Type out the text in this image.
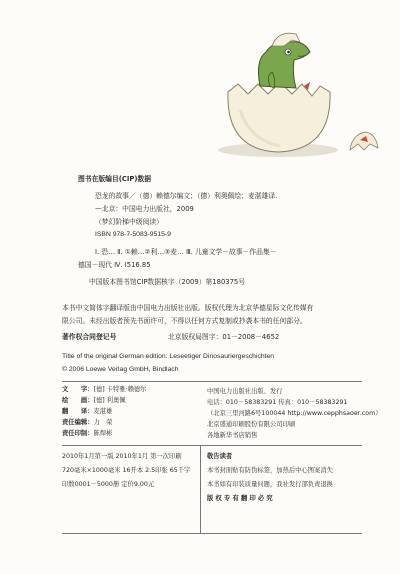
图书在版编目(CIP)数据
恐龙的故事／（德）赖德尔编文；（德）利奥佩绘；麦湛雄译.
—北京：中国电力出版社，2009
（梦幻阶梯中级阅读）
ISBN 978-7-5083-9515-9
Ⅰ. 恐… Ⅱ. ①赖…②利…③麦… Ⅲ. 儿童文学－故事－作品集－
德国－现代 Ⅳ. I516.85
中国版本图书馆CIP数据核字（2009）第180375号
本书中文简体字翻译版由中国电力出版社出版。版权代理为北京华德星际文化传媒有
限公司。未经出版者预先书面许可，不得以任何方式复制或抄袭本书的任何部分。
著作权合同登记号	北京版权局图字：01－2008－4652
Title of the original German edition: Leseetiger Dinosauriergeschichten
© 2006 Loewe Verlag GmbH, Bindlach
文　　字：[德] 卡特雅·赖德尔
绘　　画：[德] 利奥佩
翻　　译：麦湛雄
责任编辑：力　荣
责任印制：陈焊彬
中国电力出版社出版、发行
电话：010－58383291 传真：010－58383291
（北京三里河路6号100044 http://www.cepphsaoer.com）
北京盛通印刷股份有限公司印刷
各地新华书店销售
2010年1月第一版 2010年1月 第一次印刷
720毫米×1000毫米 16开本 2.5印张 65千字
印数0001－5000册 定价9.00元
敬告读者
本书封面贴有防伪标签，加热后中心图案消失
本书如有印装质量问题，我社发行部负责退换
版 权 专 有 翻 印 必 究
